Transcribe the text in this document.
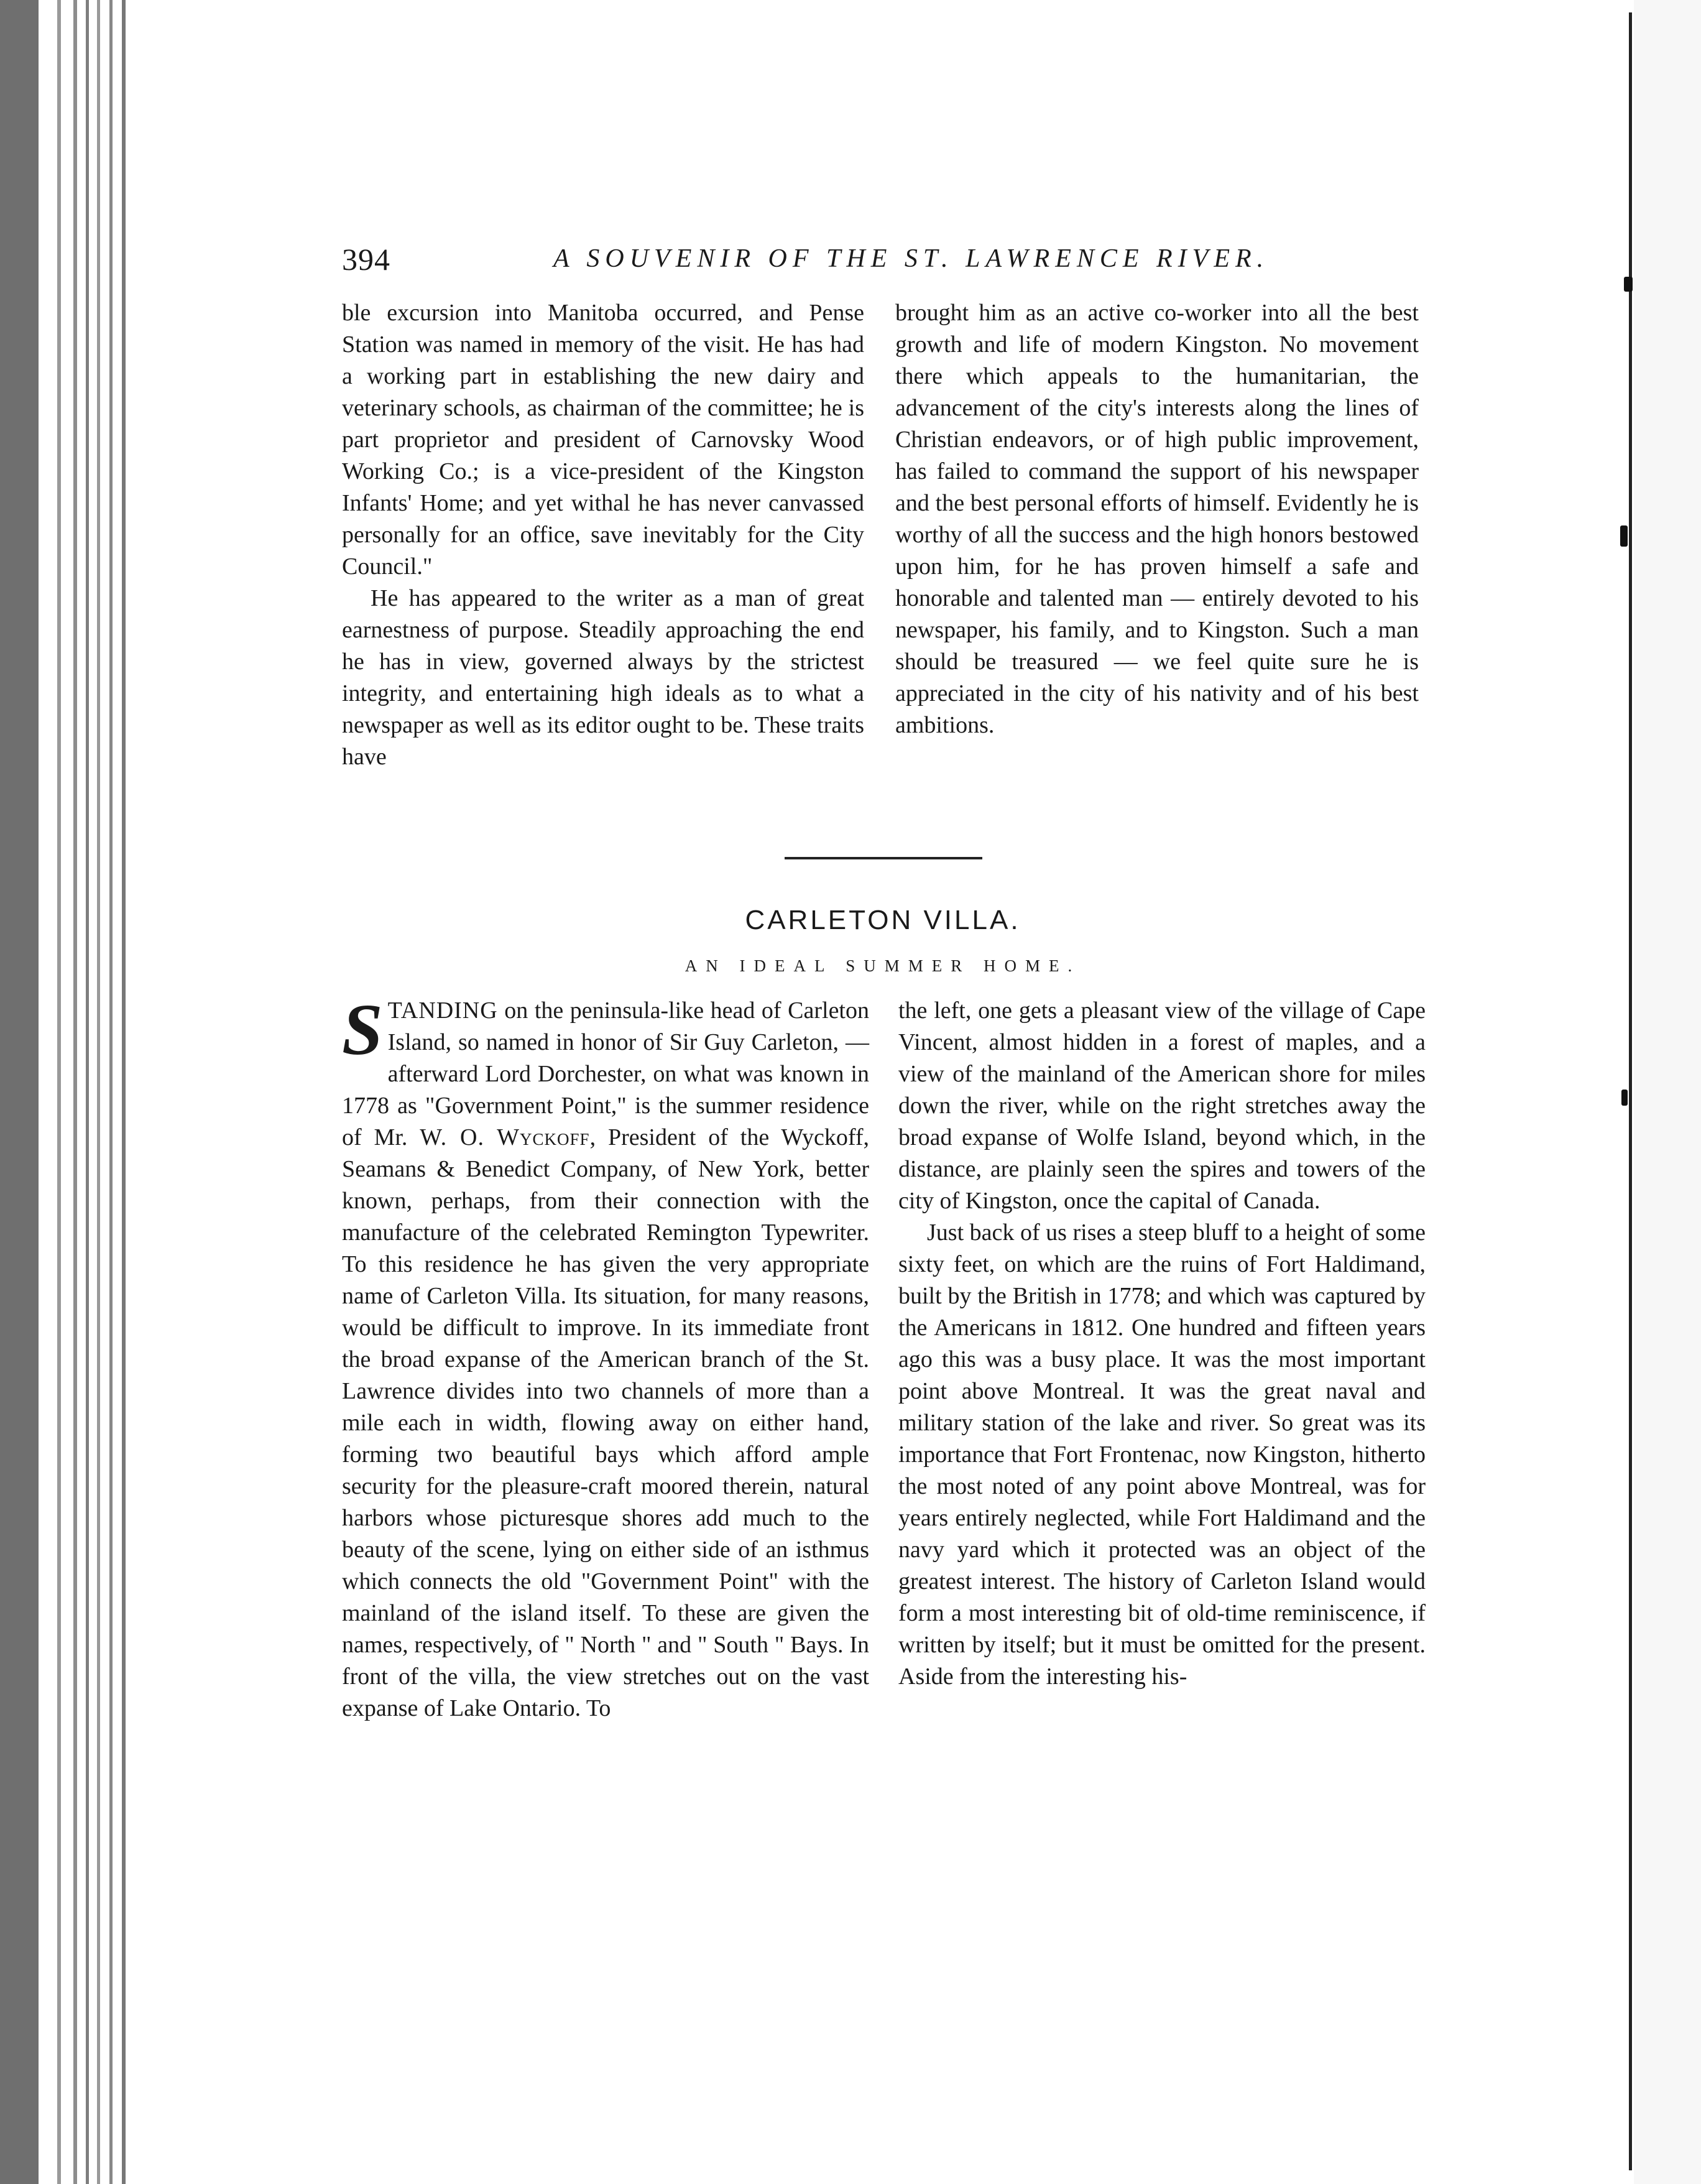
394	A SOUVENIR OF THE ST. LAWRENCE RIVER.

ble excursion into Manitoba occurred, and Pense Station was named in memory of the visit. He has had a working part in establishing the new dairy and veterinary schools, as chairman of the committee; he is part proprietor and president of Carnovsky Wood Working Co.; is a vice-president of the Kingston Infants' Home; and yet withal he has never canvassed personally for an office, save inevitably for the City Council."

He has appeared to the writer as a man of great earnestness of purpose. Steadily approaching the end he has in view, governed always by the strictest integrity, and entertaining high ideals as to what a newspaper as well as its editor ought to be. These traits have

brought him as an active co-worker into all the best growth and life of modern Kingston. No movement there which appeals to the humanitarian, the advancement of the city's interests along the lines of Christian endeavors, or of high public improvement, has failed to command the support of his newspaper and the best personal efforts of himself. Evidently he is worthy of all the success and the high honors bestowed upon him, for he has proven himself a safe and honorable and talented man — entirely devoted to his newspaper, his family, and to Kingston. Such a man should be treasured — we feel quite sure he is appreciated in the city of his nativity and of his best ambitions.

CARLETON VILLA.
AN IDEAL SUMMER HOME.

STANDING on the peninsula-like head of Carleton Island, so named in honor of Sir Guy Carleton, — afterward Lord Dorchester, on what was known in 1778 as "Government Point," is the summer residence of Mr. W. O. Wyckoff, President of the Wyckoff, Seamans & Benedict Company, of New York, better known, perhaps, from their connection with the manufacture of the celebrated Remington Typewriter. To this residence he has given the very appropriate name of Carleton Villa. Its situation, for many reasons, would be difficult to improve. In its immediate front the broad expanse of the American branch of the St. Lawrence divides into two channels of more than a mile each in width, flowing away on either hand, forming two beautiful bays which afford ample security for the pleasure-craft moored therein, natural harbors whose picturesque shores add much to the beauty of the scene, lying on either side of an isthmus which connects the old "Government Point" with the mainland of the island itself. To these are given the names, respectively, of " North " and " South " Bays. In front of the villa, the view stretches out on the vast expanse of Lake Ontario. To

the left, one gets a pleasant view of the village of Cape Vincent, almost hidden in a forest of maples, and a view of the mainland of the American shore for miles down the river, while on the right stretches away the broad expanse of Wolfe Island, beyond which, in the distance, are plainly seen the spires and towers of the city of Kingston, once the capital of Canada.

Just back of us rises a steep bluff to a height of some sixty feet, on which are the ruins of Fort Haldimand, built by the British in 1778; and which was captured by the Americans in 1812. One hundred and fifteen years ago this was a busy place. It was the most important point above Montreal. It was the great naval and military station of the lake and river. So great was its importance that Fort Frontenac, now Kingston, hitherto the most noted of any point above Montreal, was for years entirely neglected, while Fort Haldimand and the navy yard which it protected was an object of the greatest interest. The history of Carleton Island would form a most interesting bit of old-time reminiscence, if written by itself; but it must be omitted for the present. Aside from the interesting his-
